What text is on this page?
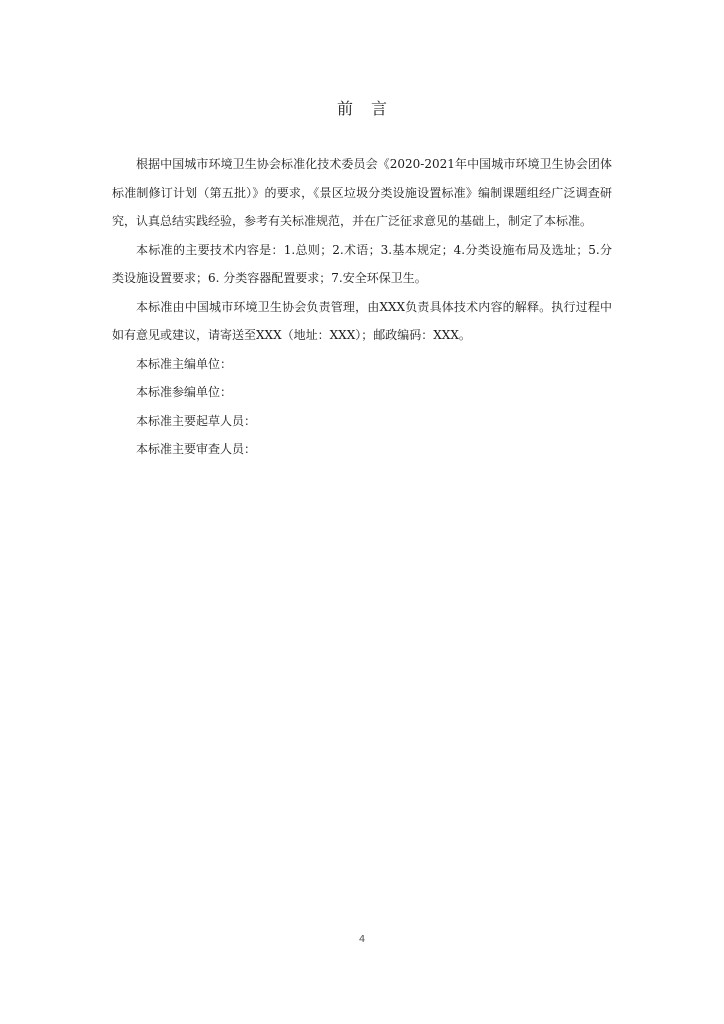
前言

根据中国城市环境卫生协会标准化技术委员会《2020-2021年中国城市环境卫生协会团体标准制修订计划（第五批）》的要求，《景区垃圾分类设施设置标准》编制课题组经广泛调查研究，认真总结实践经验，参考有关标准规范，并在广泛征求意见的基础上，制定了本标准。

本标准的主要技术内容是：1.总则；2.术语；3.基本规定；4.分类设施布局及选址；5.分类设施设置要求；6. 分类容器配置要求；7.安全环保卫生。

本标准由中国城市环境卫生协会负责管理，由XXX负责具体技术内容的解释。执行过程中如有意见或建议，请寄送至XXX（地址：XXX）；邮政编码：XXX。

本标准主编单位：

本标准参编单位：

本标准主要起草人员：

本标准主要审查人员：

4
